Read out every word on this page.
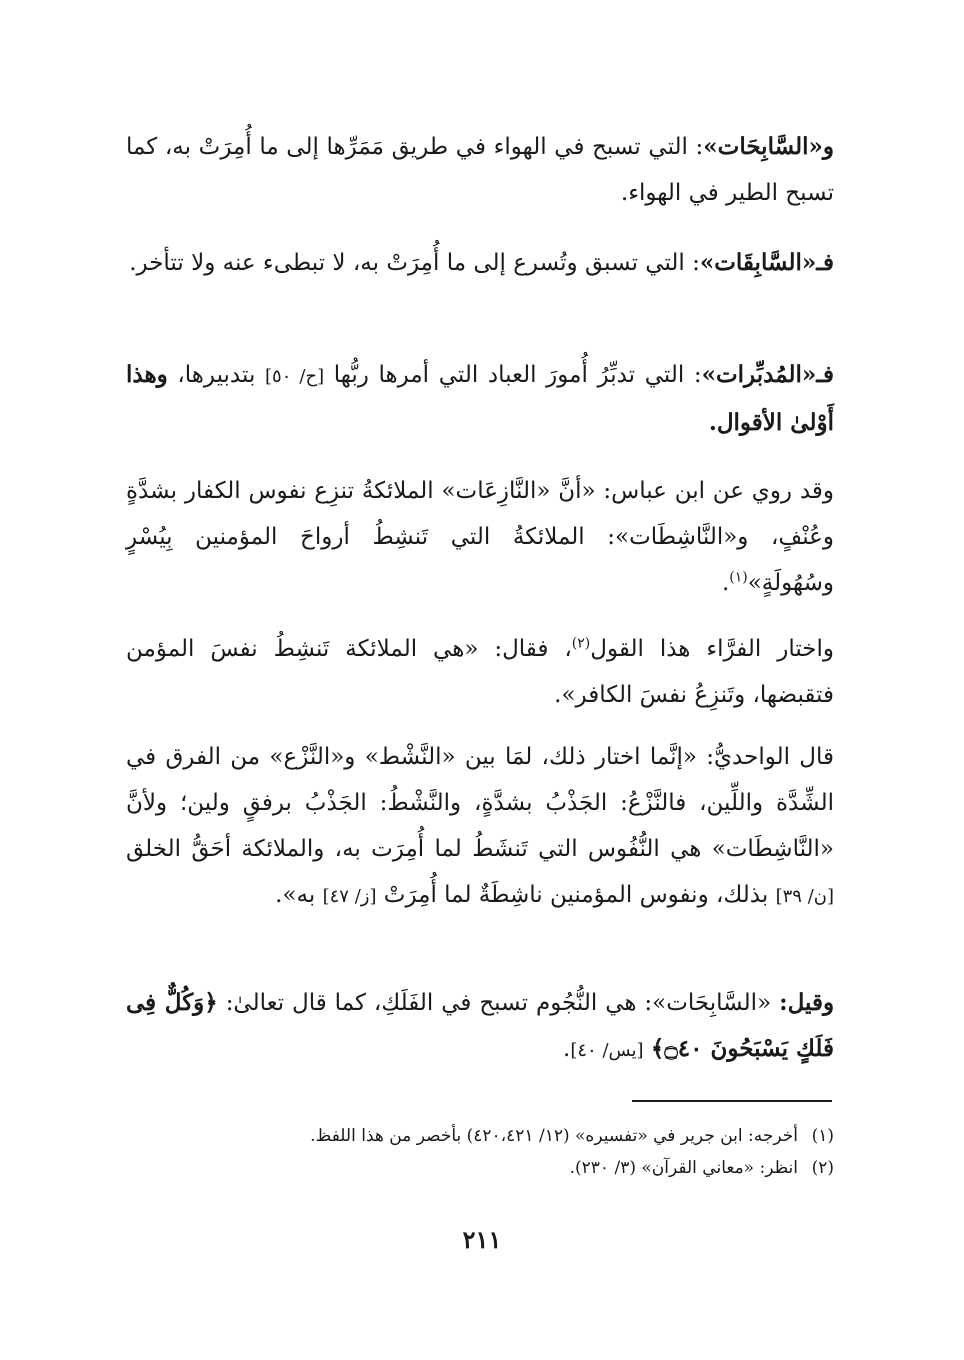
و«السَّابِحَات»: التي تسبح في الهواء في طريق مَمَرِّها إلى ما أُمِرَتْ به، كما تسبح الطير في الهواء.

فـ«السَّابِقَات»: التي تسبق وتُسرع إلى ما أُمِرَتْ به، لا تبطىء عنه ولا تتأخر.

فـ«المُدبِّرات»: التي تدبِّرُ أُمورَ العباد التي أمرها ربُّها [ح/ ٥٠] بتدبيرها، وهذا أَوْلىٰ الأقوال.

وقد روي عن ابن عباس: «أنَّ «النَّازِعَات» الملائكةُ تنزِع نفوس الكفار بشدَّةٍ وعُنْفٍ، و«النَّاشِطَات»: الملائكةُ التي تَنشِطُ أرواحَ المؤمنين بِيُسْرٍ وسُهُولَةٍ»$^{(١)}$.

واختار الفرَّاء هذا القول$^{(٢)}$، فقال: «هي الملائكة تَنشِطُ نفسَ المؤمن فتقبضها، وتَنزِعُ نفسَ الكافر».

قال الواحديُّ: «إنَّما اختار ذلك، لمَا بين «النَّشْط» و«النَّزْع» من الفرق في الشِّدَّة واللِّين، فالنَّزْعُ: الجَذْبُ بشدَّةٍ، والنَّشْطُ: الجَذْبُ برفقٍ ولين؛ ولأنَّ «النَّاشِطَات» هي النُّفُوس التي تَنشَطُ لما أُمِرَت به، والملائكة أحَقُّ الخلق [ن/ ٣٩] بذلك، ونفوس المؤمنين ناشِطَةٌ لما أُمِرَتْ [ز/ ٤٧] به».

وقيل: «السَّابِحَات»: هي النُّجُوم تسبح في الفَلَكِ، كما قال تعالىٰ: ﴿وَكُلٌّ فِى فَلَكٍ يَسْبَحُونَ ۝٤٠﴾ [يس/ ٤٠].

(١)أخرجه: ابن جرير في «تفسيره» (١٢/ ٤٢٠،٤٢١) بأخصر من هذا اللفظ.

(٢)انظر: «معاني القرآن» (٣/ ٢٣٠).

٢١١
